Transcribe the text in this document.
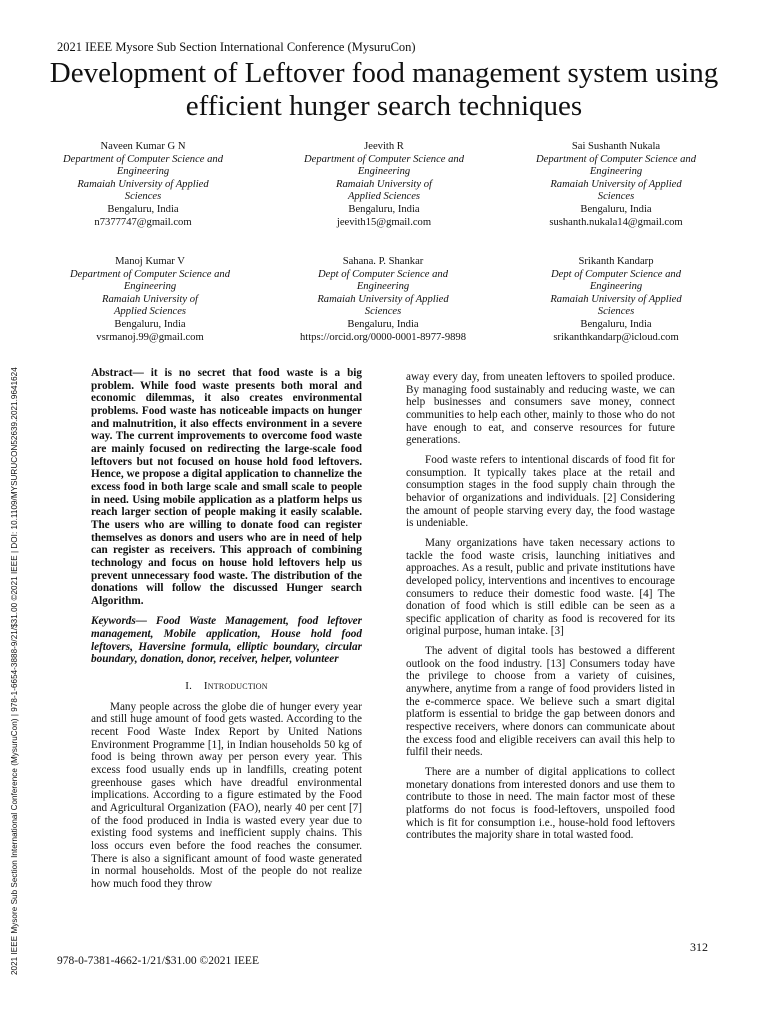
2021 IEEE Mysore Sub Section International Conference (MysuruCon)
Development of Leftover food management system using efficient hunger search techniques
Naveen Kumar G N
Department of Computer Science and Engineering
Ramaiah University of Applied Sciences
Bengaluru, India
n7377747@gmail.com
Jeevith R
Department of Computer Science and Engineering
Ramaiah University of Applied Sciences
Bengaluru, India
jeevith15@gmail.com
Sai Sushanth Nukala
Department of Computer Science and Engineering
Ramaiah University of Applied Sciences
Bengaluru, India
sushanth.nukala14@gmail.com
Manoj Kumar V
Department of Computer Science and Engineering
Ramaiah University of Applied Sciences
Bengaluru, India
vsrmanoj.99@gmail.com
Sahana. P. Shankar
Dept of Computer Science and Engineering
Ramaiah University of Applied Sciences
Bengaluru, India
https://orcid.org/0000-0001-8977-9898
Srikanth Kandarp
Dept of Computer Science and Engineering
Ramaiah University of Applied Sciences
Bengaluru, India
srikanthkandarp@icloud.com
2021 IEEE Mysore Sub Section International Conference (MysuruCon) | 978-1-6654-3888-9/21/$31.00 ©2021 IEEE | DOI: 10.1109/MYSURUCON52639.2021.9641624	Abstract— it is no secret that food waste is a big problem. While food waste presents both moral and economic dilemmas, it also creates environmental problems. Food waste has noticeable impacts on hunger and malnutrition, it also effects environment in a severe way. The current improvements to overcome food waste are mainly focused on redirecting the large-scale food leftovers but not focused on house hold food leftovers. Hence, we propose a digital application to channelize the excess food in both large scale and small scale to people in need. Using mobile application as a platform helps us reach larger section of people making it easily scalable. The users who are willing to donate food can register themselves as donors and users who are in need of help can register as receivers. This approach of combining technology and focus on house hold leftovers help us prevent unnecessary food waste. The distribution of the donations will follow the discussed Hunger search Algorithm.

Keywords— Food Waste Management, food leftover management, Mobile application, House hold food leftovers, Haversine formula, elliptic boundary, circular boundary, donation, donor, receiver, helper, volunteer

I. Introduction

Many people across the globe die of hunger every year and still huge amount of food gets wasted. According to the recent Food Waste Index Report by United Nations Environment Programme [1], in Indian households 50 kg of food is being thrown away per person every year. This excess food usually ends up in landfills, creating potent greenhouse gases which have dreadful environmental implications. According to a figure estimated by the Food and Agricultural Organization (FAO), nearly 40 per cent [7] of the food produced in India is wasted every year due to existing food systems and inefficient supply chains. This loss occurs even before the food reaches the consumer. There is also a significant amount of food waste generated in normal households. Most of the people do not realize how much food they throw

away every day, from uneaten leftovers to spoiled produce. By managing food sustainably and reducing waste, we can help businesses and consumers save money, connect communities to help each other, mainly to those who do not have enough to eat, and conserve resources for future generations.

Food waste refers to intentional discards of food fit for consumption. It typically takes place at the retail and consumption stages in the food supply chain through the behavior of organizations and individuals. [2] Considering the amount of people starving every day, the food wastage is undeniable.

Many organizations have taken necessary actions to tackle the food waste crisis, launching initiatives and approaches. As a result, public and private institutions have developed policy, interventions and incentives to encourage consumers to reduce their domestic food waste. [4] The donation of food which is still edible can be seen as a specific application of charity as food is recovered for its original purpose, human intake. [3]

The advent of digital tools has bestowed a different outlook on the food industry. [13] Consumers today have the privilege to choose from a variety of cuisines, anywhere, anytime from a range of food providers listed in the e-commerce space. We believe such a smart digital platform is essential to bridge the gap between donors and respective receivers, where donors can communicate about the excess food and eligible receivers can avail this help to fulfil their needs.

There are a number of digital applications to collect monetary donations from interested donors and use them to contribute to those in need. The main factor most of these platforms do not focus is food-leftovers, unspoiled food which is fit for consumption i.e., house-hold food leftovers contributes the majority share in total wasted food.

312
978-0-7381-4662-1/21/$31.00 ©2021 IEEE
